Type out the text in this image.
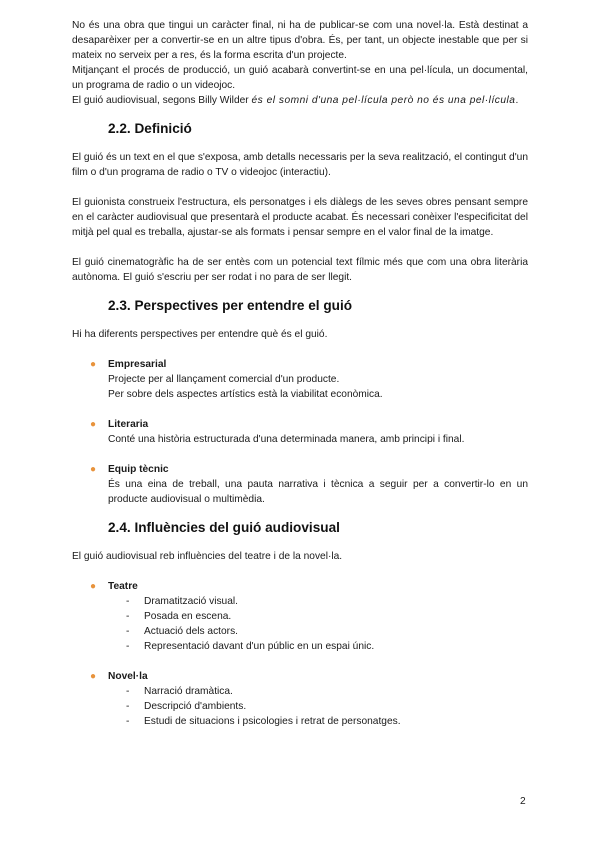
No és una obra que tingui un caràcter final, ni ha de publicar-se com una novel·la. Està destinat a desaparèixer per a convertir-se en un altre tipus d'obra. És, per tant, un objecte inestable que per si mateix no serveix per a res, és la forma escrita d'un projecte.

Mitjançant el procés de producció, un guió acabarà convertint-se en una pel·lícula, un documental, un programa de radio o un videojoc.

El guió audiovisual, segons Billy Wilder és el somni d'una pel·lícula però no és una pel·lícula.

2.2. Definició

El guió és un text en el que s'exposa, amb detalls necessaris per la seva realització, el contingut d'un film o d'un programa de radio o TV o videojoc (interactiu).

El guionista construeix l'estructura, els personatges i els diàlegs de les seves obres pensant sempre en el caràcter audiovisual que presentarà el producte acabat. És necessari conèixer l'especificitat del mitjà pel qual es treballa, ajustar-se als formats i pensar sempre en el valor final de la imatge.

El guió cinematogràfic ha de ser entès com un potencial text fílmic més que com una obra literària autònoma. El guió s'escriu per ser rodat i no para de ser llegit.

2.3. Perspectives per entendre el guió

Hi ha diferents perspectives per entendre què és el guió.

● Empresarial
Projecte per al llançament comercial d'un producte.
Per sobre dels aspectes artístics està la viabilitat econòmica.
● Literaria
Conté una història estructurada d'una determinada manera, amb principi i final.
● Equip tècnic
És una eina de treball, una pauta narrativa i tècnica a seguir per a convertir-lo en un producte audiovisual o multimèdia.
2.4. Influències del guió audiovisual

El guió audiovisual reb influències del teatre i de la novel·la.

● Teatre
- Dramatització visual.
- Posada en escena.
- Actuació dels actors.
- Representació davant d'un públic en un espai únic.
● Novel·la
- Narració dramàtica.
- Descripció d'ambients.
- Estudi de situacions i psicologies i retrat de personatges.
2
